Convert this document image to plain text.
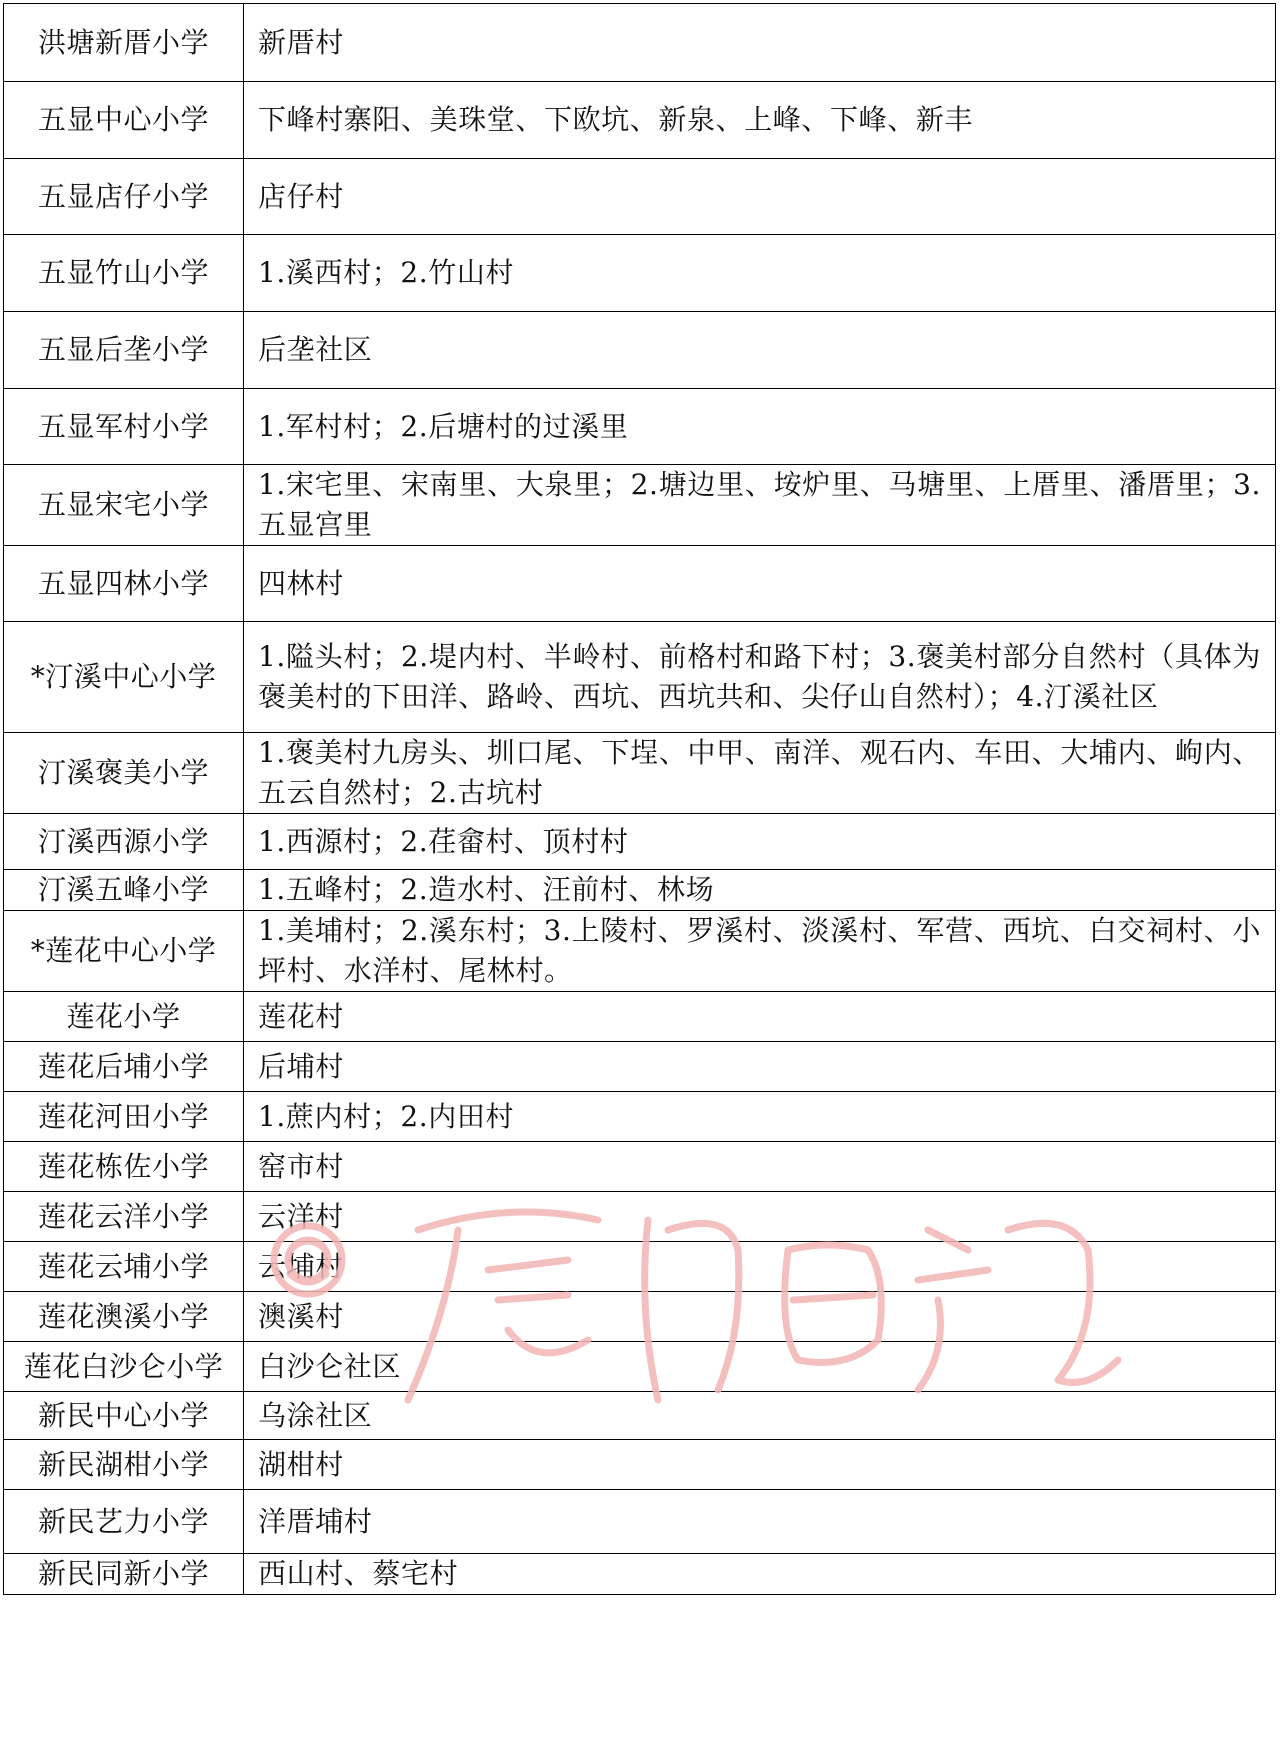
洪塘新厝小学	新厝村
五显中心小学	下峰村寨阳、美珠堂、下欧坑、新泉、上峰、下峰、新丰
五显店仔小学	店仔村
五显竹山小学	1.溪西村；2.竹山村
五显后垄小学	后垄社区
五显军村小学	1.军村村；2.后塘村的过溪里
五显宋宅小学	1.宋宅里、宋南里、大泉里；2.塘边里、垵炉里、马塘里、上厝里、潘厝里；3.五显宫里
五显四林小学	四林村
*汀溪中心小学	1.隘头村；2.堤内村、半岭村、前格村和路下村；3.褒美村部分自然村（具体为褒美村的下田洋、路岭、西坑、西坑共和、尖仔山自然村）；4.汀溪社区
汀溪褒美小学	1.褒美村九房头、圳口尾、下埕、中甲、南洋、观石内、车田、大埔内、岣内、五云自然村；2.古坑村
汀溪西源小学	1.西源村；2.荏畲村、顶村村
汀溪五峰小学	1.五峰村；2.造水村、汪前村、林场
*莲花中心小学	1.美埔村；2.溪东村；3.上陵村、罗溪村、淡溪村、军营、西坑、白交祠村、小坪村、水洋村、尾林村。
莲花小学	莲花村
莲花后埔小学	后埔村
莲花河田小学	1.蔗内村；2.内田村
莲花栋佐小学	窑市村
莲花云洋小学	云洋村
莲花云埔小学	云埔村
莲花澳溪小学	澳溪村
莲花白沙仑小学	白沙仑社区
新民中心小学	乌涂社区
新民湖柑小学	湖柑村
新民艺力小学	洋厝埔村
新民同新小学	西山村、蔡宅村
